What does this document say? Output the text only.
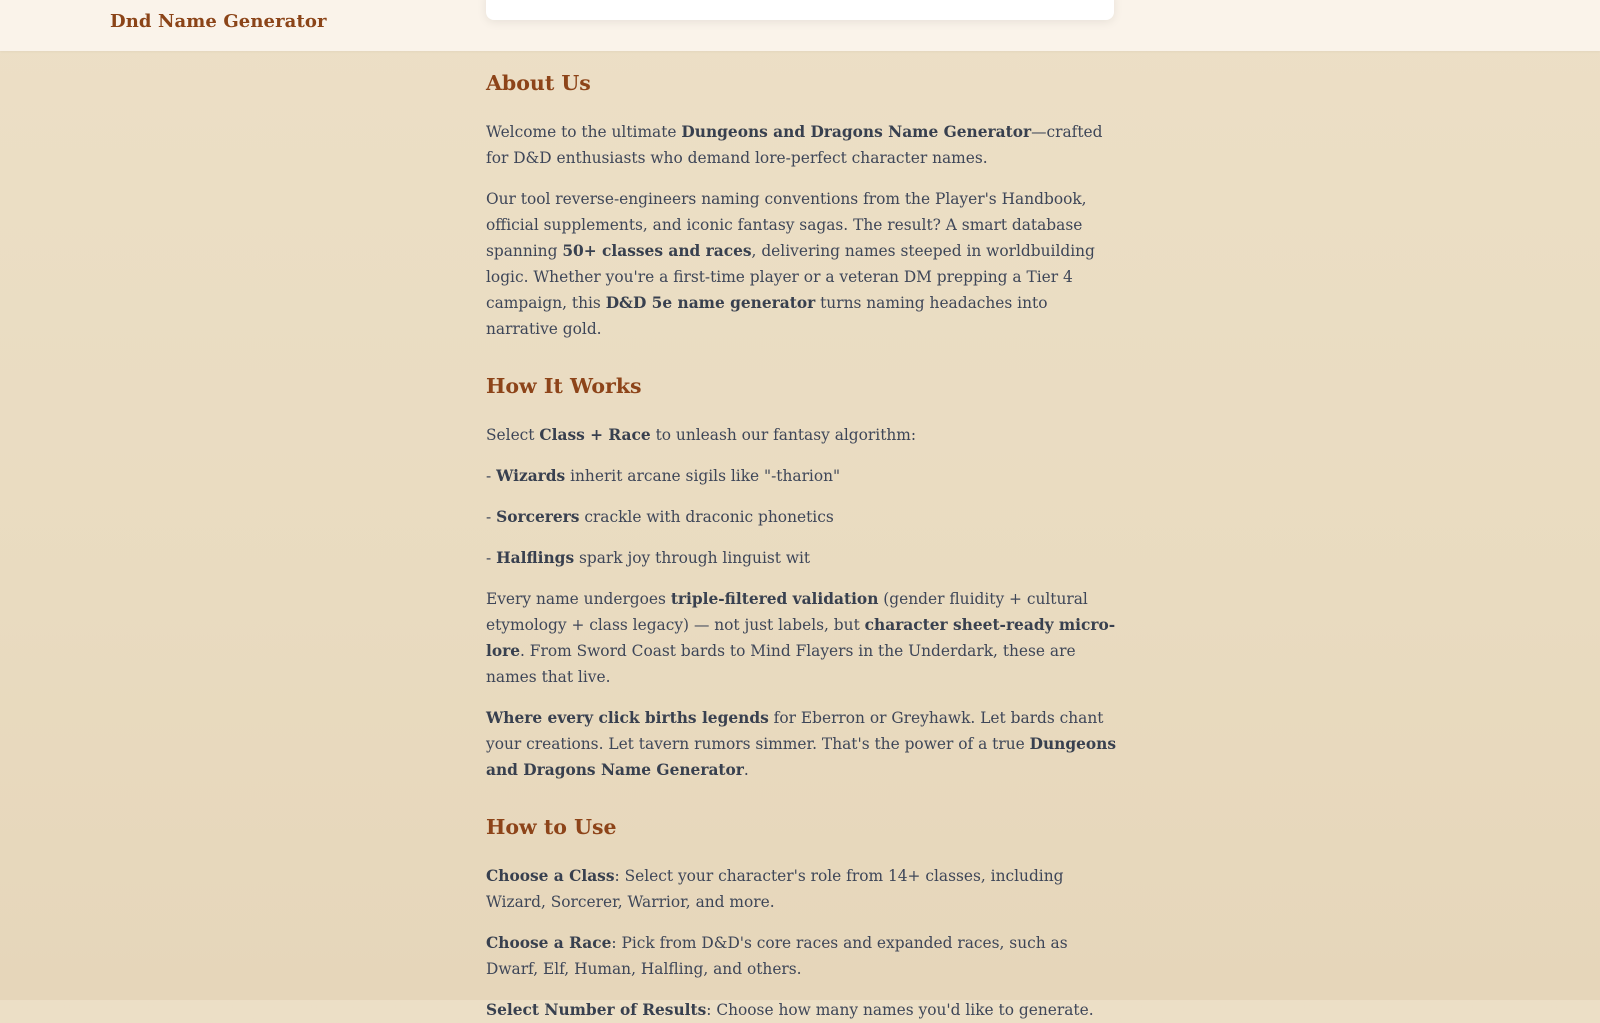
Dnd Name Generator
About Us

Welcome to the ultimate Dungeons and Dragons Name Generator—crafted for D&D enthusiasts who demand lore-perfect character names.

Our tool reverse-engineers naming conventions from the Player's Handbook, official supplements, and iconic fantasy sagas. The result? A smart database spanning 50+ classes and races, delivering names steeped in worldbuilding logic. Whether you're a first-time player or a veteran DM prepping a Tier 4 campaign, this D&D 5e name generator turns naming headaches into narrative gold.

How It Works

Select Class + Race to unleash our fantasy algorithm:

- Wizards inherit arcane sigils like "-tharion"

- Sorcerers crackle with draconic phonetics

- Halflings spark joy through linguist wit

Every name undergoes triple-filtered validation (gender fluidity + cultural etymology + class legacy) — not just labels, but character sheet-ready micro-lore. From Sword Coast bards to Mind Flayers in the Underdark, these are names that live.

Where every click births legends for Eberron or Greyhawk. Let bards chant your creations. Let tavern rumors simmer. That's the power of a true Dungeons and Dragons Name Generator.

How to Use

Choose a Class: Select your character's role from 14+ classes, including Wizard, Sorcerer, Warrior, and more.

Choose a Race: Pick from D&D's core races and expanded races, such as Dwarf, Elf, Human, Halfling, and others.

Select Number of Results: Choose how many names you'd like to generate.
